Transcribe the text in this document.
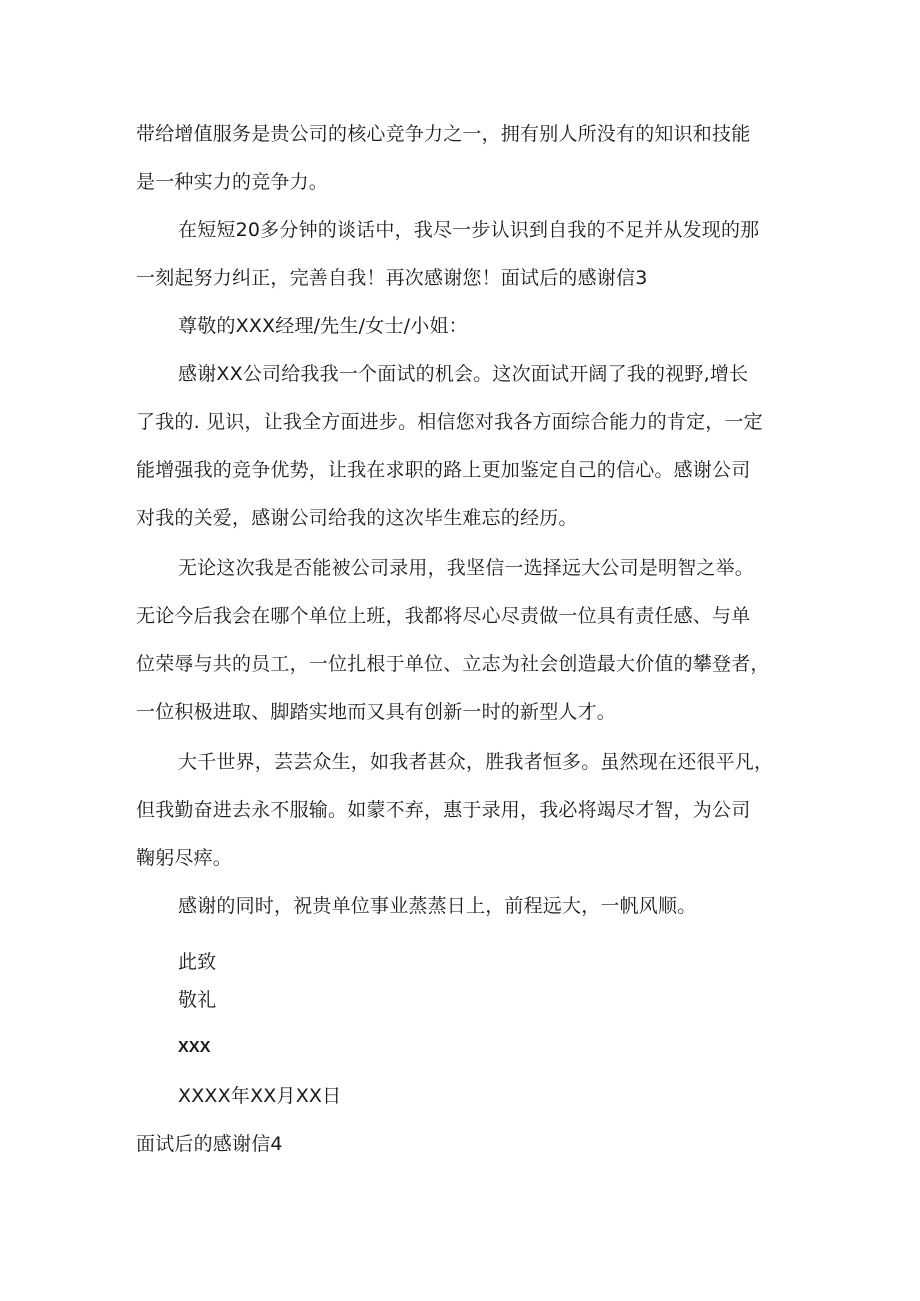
带给增值服务是贵公司的核心竞争力之一，拥有别人所没有的知识和技能
是一种实力的竞争力。
在短短20多分钟的谈话中，我尽一步认识到自我的不足并从发现的那
一刻起努力纠正，完善自我！再次感谢您！面试后的感谢信3
尊敬的XXX经理/先生/女士/小姐：
感谢XX公司给我我一个面试的机会。这次面试开阔了我的视野,增长
了我的. 见识，让我全方面进步。相信您对我各方面综合能力的肯定，一定
能增强我的竞争优势，让我在求职的路上更加鉴定自己的信心。感谢公司
对我的关爱，感谢公司给我的这次毕生难忘的经历。
无论这次我是否能被公司录用，我坚信一选择远大公司是明智之举。
无论今后我会在哪个单位上班，我都将尽心尽责做一位具有责任感、与单
位荣辱与共的员工，一位扎根于单位、立志为社会创造最大价值的攀登者，
一位积极进取、脚踏实地而又具有创新一时的新型人才。
大千世界，芸芸众生，如我者甚众，胜我者恒多。虽然现在还很平凡，
但我勤奋进去永不服输。如蒙不弃，惠于录用，我必将竭尽才智，为公司
鞠躬尽瘁。
感谢的同时，祝贵单位事业蒸蒸日上，前程远大，一帆风顺。
此致
敬礼
XXX
XXXX年XX月XX日
面试后的感谢信4
